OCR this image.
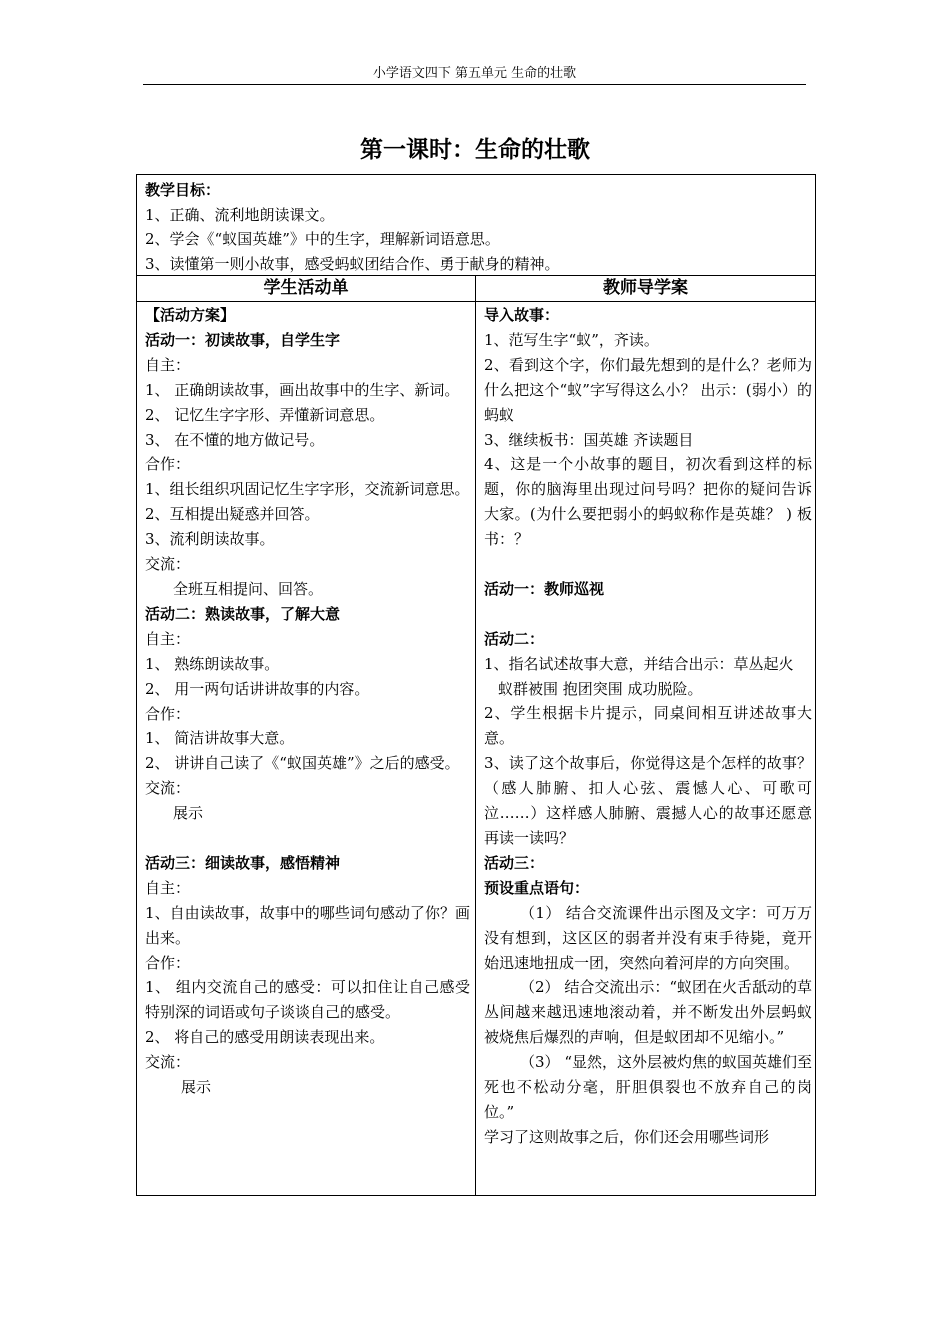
小学语文四下 第五单元 生命的壮歌
第一课时：生命的壮歌
教学目标：
1、正确、流利地朗读课文。
2、学会《“蚁国英雄”》中的生字，理解新词语意思。
3、读懂第一则小故事，感受蚂蚁团结合作、勇于献身的精神。
学生活动单	教师导学案
【活动方案】
活动一：初读故事，自学生字
自主：
1、 正确朗读故事，画出故事中的生字、新词。
2、 记忆生字字形、弄懂新词意思。
3、 在不懂的地方做记号。
合作：
1、组长组织巩固记忆生字字形，交流新词意思。
2、互相提出疑惑并回答。
3、流利朗读故事。
交流：
全班互相提问、回答。
活动二：熟读故事，了解大意
自主：
1、 熟练朗读故事。
2、 用一两句话讲讲故事的内容。
合作：
1、 简洁讲故事大意。
2、 讲讲自己读了《“蚁国英雄”》之后的感受。
交流：
展示
活动三：细读故事，感悟精神
自主：
1、自由读故事，故事中的哪些词句感动了你？画出来。
合作：
1、 组内交流自己的感受：可以扣住让自己感受特别深的词语或句子谈谈自己的感受。
2、 将自己的感受用朗读表现出来。
交流：
展示
导入故事：
1、范写生字“蚁”，齐读。
2、看到这个字，你们最先想到的是什么？老师为什么把这个“蚁”字写得这么小？ 出示：(弱小）的蚂蚁
3、继续板书：国英雄 齐读题目
4、这是一个小故事的题目，初次看到这样的标题，你的脑海里出现过问号吗？把你的疑问告诉大家。(为什么要把弱小的蚂蚁称作是英雄？ ) 板书：？
活动一：教师巡视
活动二：
1、指名试述故事大意，并结合出示：草丛起火
蚁群被围 抱团突围 成功脱险。
2、学生根据卡片提示，同桌间相互讲述故事大意。
3、读了这个故事后，你觉得这是个怎样的故事？（感人肺腑、扣人心弦、震憾人心、可歌可泣……）这样感人肺腑、震撼人心的故事还愿意再读一读吗？
活动三：
预设重点语句：
（1） 结合交流课件出示图及文字：可万万没有想到，这区区的弱者并没有束手待毙，竟开始迅速地扭成一团，突然向着河岸的方向突围。
（2） 结合交流出示：“蚁团在火舌舐动的草丛间越来越迅速地滚动着，并不断发出外层蚂蚁被烧焦后爆烈的声响，但是蚁团却不见缩小。”
（3） “显然，这外层被灼焦的蚁国英雄们至死也不松动分毫，肝胆俱裂也不放弃自己的岗位。”
学习了这则故事之后，你们还会用哪些词形
